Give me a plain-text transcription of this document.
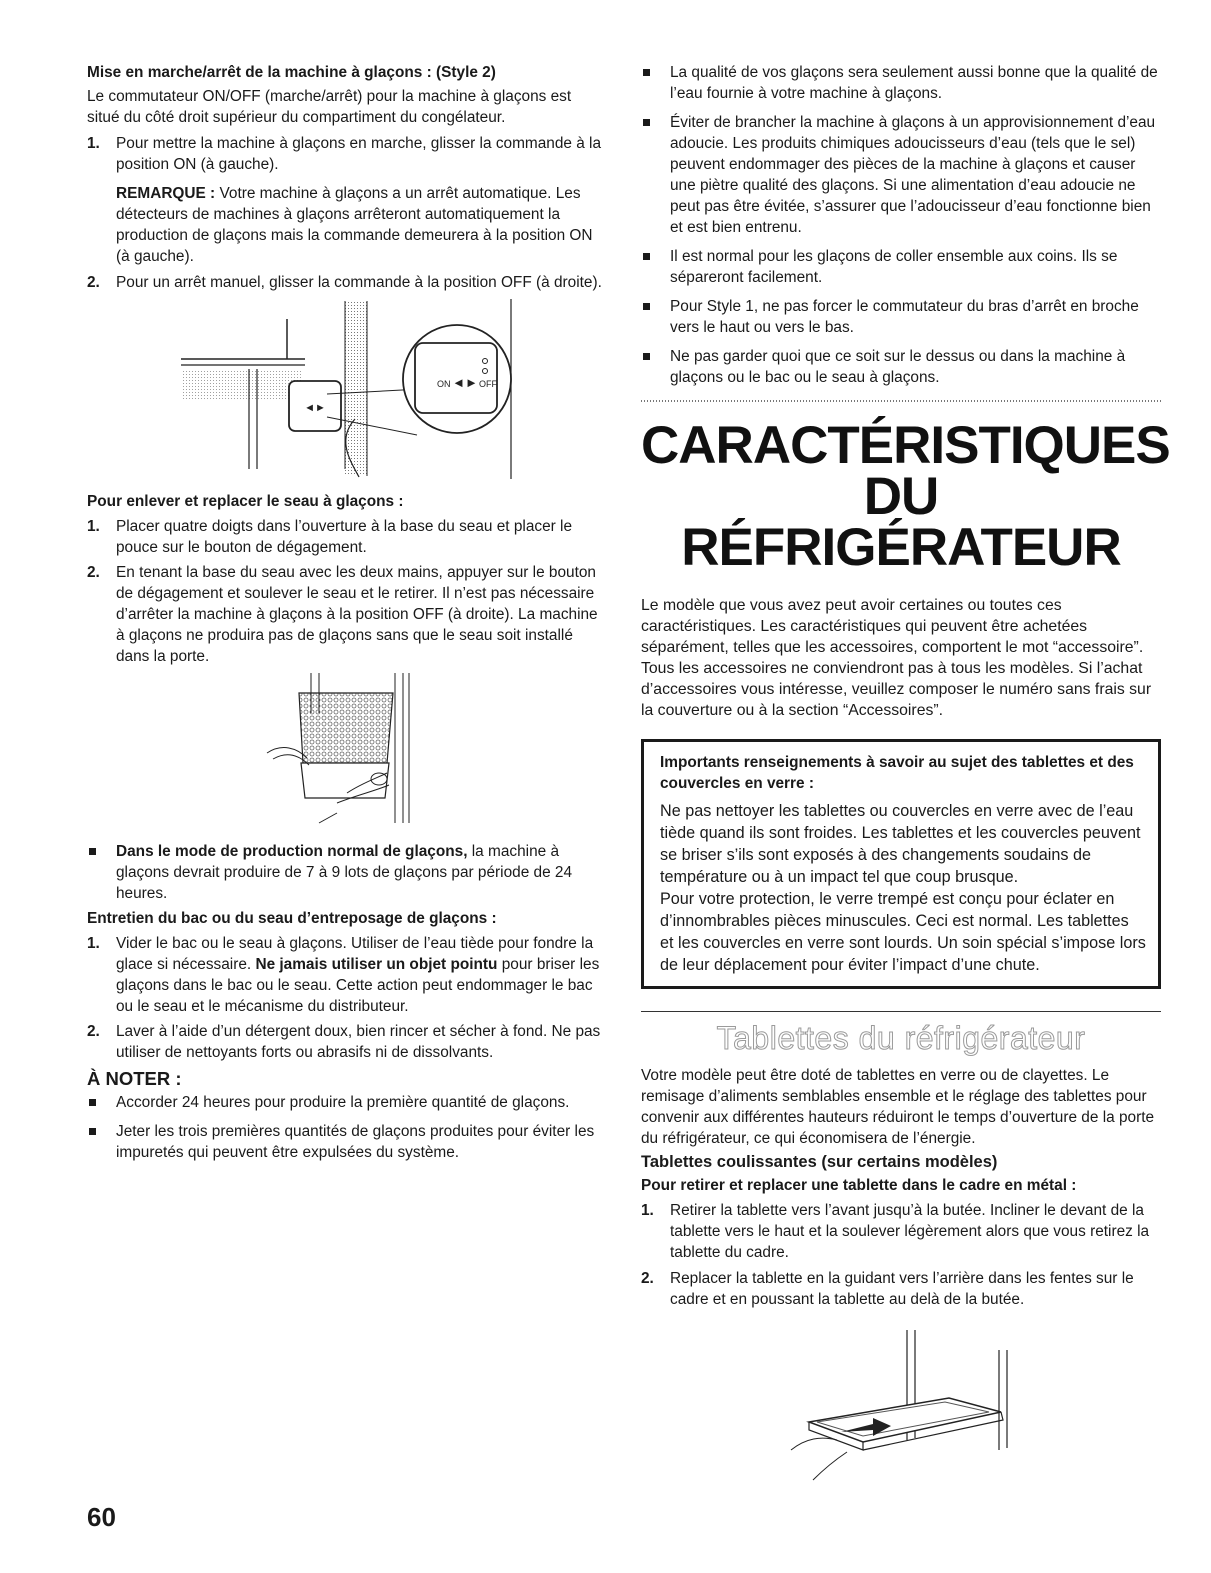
Mise en marche/arrêt de la machine à glaçons : (Style 2)

Le commutateur ON/OFF (marche/arrêt) pour la machine à glaçons est situé du côté droit supérieur du compartiment du congélateur.

1. Pour mettre la machine à glaçons en marche, glisser la commande à la position ON (à gauche).
REMARQUE : Votre machine à glaçons a un arrêt automatique. Les détecteurs de machines à glaçons arrêteront automatiquement la production de glaçons mais la commande demeurera à la position ON (à gauche).
2. Pour un arrêt manuel, glisser la commande à la position OFF (à droite).
◄►
ON ◄► OFF

Pour enlever et replacer le seau à glaçons :

1. Placer quatre doigts dans l’ouverture à la base du seau et placer le pouce sur le bouton de dégagement.
2. En tenant la base du seau avec les deux mains, appuyer sur le bouton de dégagement et soulever le seau et le retirer. Il n’est pas nécessaire d’arrêter la machine à glaçons à la position OFF (à droite). La machine à glaçons ne produira pas de glaçons sans que le seau soit installé dans la porte.
Dans le mode de production normal de glaçons, la machine à glaçons devrait produire de 7 à 9 lots de glaçons par période de 24 heures.

Entretien du bac ou du seau d’entreposage de glaçons :

1. Vider le bac ou le seau à glaçons. Utiliser de l’eau tiède pour fondre la glace si nécessaire. Ne jamais utiliser un objet pointu pour briser les glaçons dans le bac ou le seau. Cette action peut endommager le bac ou le seau et le mécanisme du distributeur.
2. Laver à l’aide d’un détergent doux, bien rincer et sécher à fond. Ne pas utiliser de nettoyants forts ou abrasifs ni de dissolvants.

À NOTER :

Accorder 24 heures pour produire la première quantité de glaçons.
Jeter les trois premières quantités de glaçons produites pour éviter les impuretés qui peuvent être expulsées du système.
La qualité de vos glaçons sera seulement aussi bonne que la qualité de l’eau fournie à votre machine à glaçons.
Éviter de brancher la machine à glaçons à un approvisionnement d’eau adoucie. Les produits chimiques adoucisseurs d’eau (tels que le sel) peuvent endommager des pièces de la machine à glaçons et causer une piètre qualité des glaçons. Si une alimentation d’eau adoucie ne peut pas être évitée, s’assurer que l’adoucisseur d’eau fonctionne bien et est bien entrenu.
Il est normal pour les glaçons de coller ensemble aux coins. Ils se sépareront facilement.
Pour Style 1, ne pas forcer le commutateur du bras d’arrêt en broche vers le haut ou vers le bas.
Ne pas garder quoi que ce soit sur le dessus ou dans la machine à glaçons ou le bac ou le seau à glaçons.
CARACTÉRISTIQUES
DU RÉFRIGÉRATEUR

Le modèle que vous avez peut avoir certaines ou toutes ces caractéristiques. Les caractéristiques qui peuvent être achetées séparément, telles que les accessoires, comportent le mot “accessoire”. Tous les accessoires ne conviendront pas à tous les modèles. Si l’achat d’accessoires vous intéresse, veuillez composer le numéro sans frais sur la couverture ou à la section “Accessoires”.

Importants renseignements à savoir au sujet des tablettes et des couvercles en verre :

Ne pas nettoyer les tablettes ou couvercles en verre avec de l’eau tiède quand ils sont froides. Les tablettes et les couvercles peuvent se briser s’ils sont exposés à des changements soudains de température ou à un impact tel que coup brusque.

Pour votre protection, le verre trempé est conçu pour éclater en d’innombrables pièces minuscules. Ceci est normal. Les tablettes et les couvercles en verre sont lourds. Un soin spécial s’impose lors de leur déplacement pour éviter l’impact d’une chute.

Tablettes du réfrigérateur

Votre modèle peut être doté de tablettes en verre ou de clayettes. Le remisage d’aliments semblables ensemble et le réglage des tablettes pour convenir aux différentes hauteurs réduiront le temps d’ouverture de la porte du réfrigérateur, ce qui économisera de l’énergie.

Tablettes coulissantes (sur certains modèles)

Pour retirer et replacer une tablette dans le cadre en métal :

1. Retirer la tablette vers l’avant jusqu’à la butée. Incliner le devant de la tablette vers le haut et la soulever légèrement alors que vous retirez la tablette du cadre.
2. Replacer la tablette en la guidant vers l’arrière dans les fentes sur le cadre et en poussant la tablette au delà de la butée.
60
